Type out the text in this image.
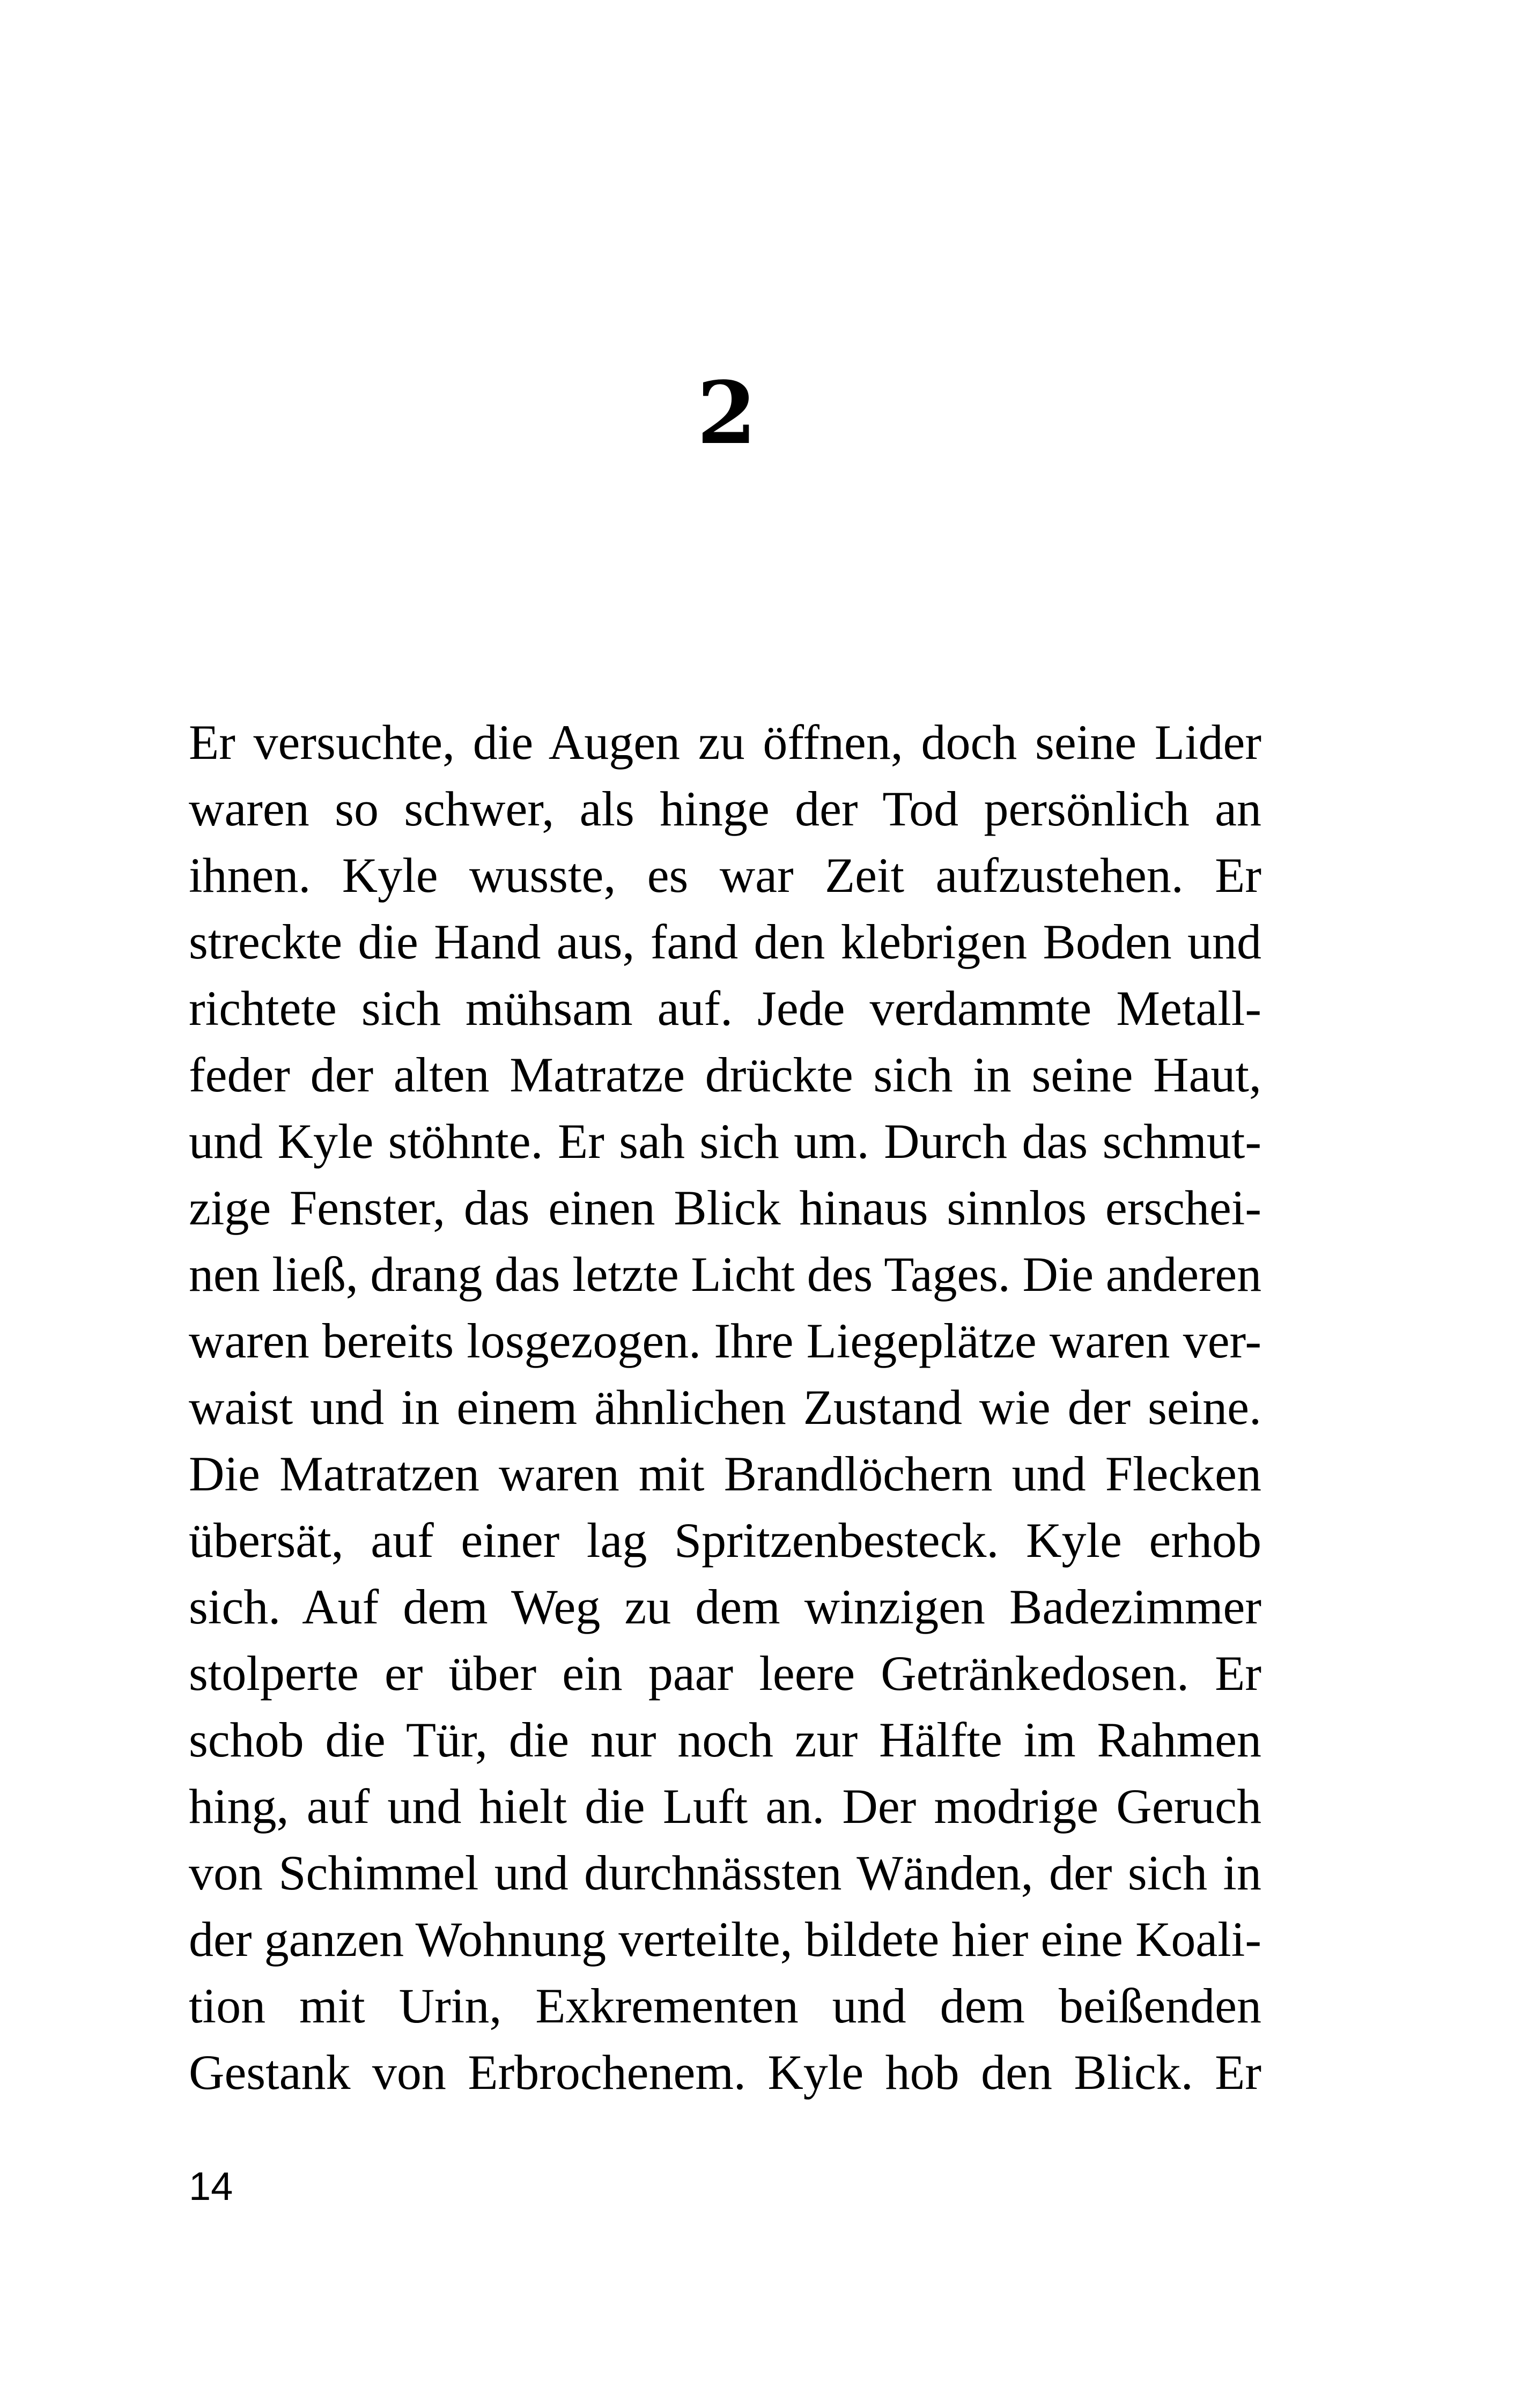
2
Er versuchte, die Augen zu öffnen, doch seine Lider
waren so schwer, als hinge der Tod persönlich an
ihnen. Kyle wusste, es war Zeit aufzustehen. Er
streckte die Hand aus, fand den klebrigen Boden und
richtete sich mühsam auf. Jede verdammte Metall-
feder der alten Matratze drückte sich in seine Haut,
und Kyle stöhnte. Er sah sich um. Durch das schmut-
zige Fenster, das einen Blick hinaus sinnlos erschei-
nen ließ, drang das letzte Licht des Tages. Die anderen
waren bereits losgezogen. Ihre Liegeplätze waren ver-
waist und in einem ähnlichen Zustand wie der seine.
Die Matratzen waren mit Brandlöchern und Flecken
übersät, auf einer lag Spritzenbesteck. Kyle erhob
sich. Auf dem Weg zu dem winzigen Badezimmer
stolperte er über ein paar leere Getränkedosen. Er
schob die Tür, die nur noch zur Hälfte im Rahmen
hing, auf und hielt die Luft an. Der modrige Geruch
von Schimmel und durchnässten Wänden, der sich in
der ganzen Wohnung verteilte, bildete hier eine Koali-
tion mit Urin, Exkrementen und dem beißenden
Gestank von Erbrochenem. Kyle hob den Blick. Er
14
